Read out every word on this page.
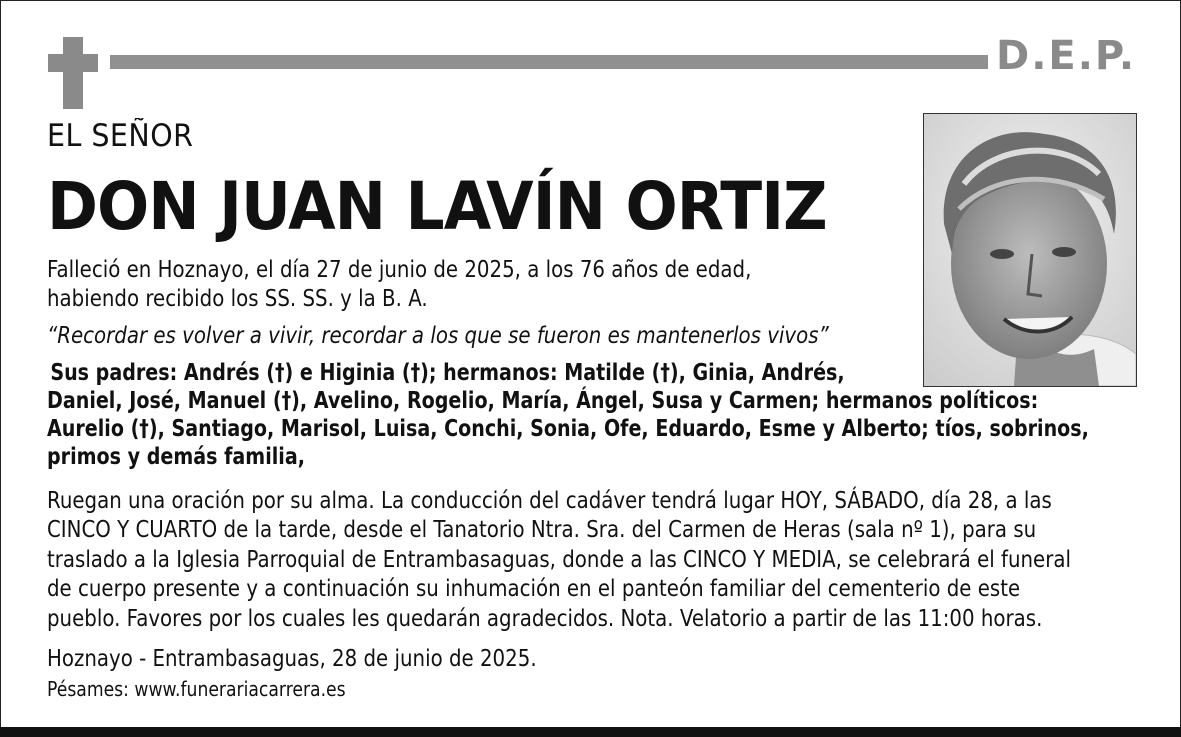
D.E.P.
EL SEÑOR
DON JUAN LAVÍN ORTIZ
Falleció en Hoznayo, el día 27 de junio de 2025, a los 76 años de edad,
habiendo recibido los SS. SS. y la B. A.
“Recordar es volver a vivir, recordar a los que se fueron es mantenerlos vivos”
Sus padres: Andrés (†) e Higinia (†); hermanos: Matilde (†), Ginia, Andrés,
Daniel, José, Manuel (†), Avelino, Rogelio, María, Ángel, Susa y Carmen; hermanos políticos:
Aurelio (†), Santiago, Marisol, Luisa, Conchi, Sonia, Ofe, Eduardo, Esme y Alberto; tíos, sobrinos,
primos y demás familia,
Ruegan una oración por su alma. La conducción del cadáver tendrá lugar HOY, SÁBADO, día 28, a las
CINCO Y CUARTO de la tarde, desde el Tanatorio Ntra. Sra. del Carmen de Heras (sala nº 1), para su
traslado a la Iglesia Parroquial de Entrambasaguas, donde a las CINCO Y MEDIA, se celebrará el funeral
de cuerpo presente y a continuación su inhumación en el panteón familiar del cementerio de este
pueblo. Favores por los cuales les quedarán agradecidos. Nota. Velatorio a partir de las 11:00 horas.
Hoznayo - Entrambasaguas, 28 de junio de 2025.
Pésames: www.funerariacarrera.es
